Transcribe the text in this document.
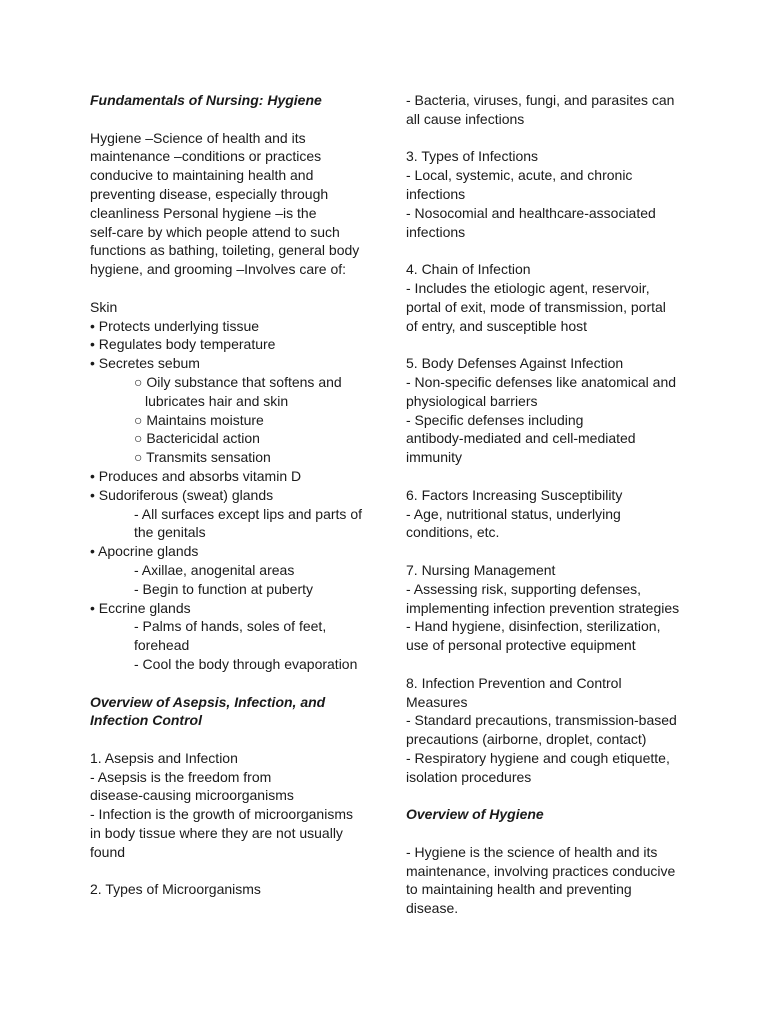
Fundamentals of Nursing: Hygiene
Hygiene –Science of health and its
maintenance –conditions or practices
conducive to maintaining health and
preventing disease, especially through
cleanliness Personal hygiene –is the
self-care by which people attend to such
functions as bathing, toileting, general body
hygiene, and grooming –Involves care of:
Skin
• Protects underlying tissue
• Regulates body temperature
• Secretes sebum
○ Oily substance that softens and
lubricates hair and skin
○ Maintains moisture
○ Bactericidal action
○ Transmits sensation
• Produces and absorbs vitamin D
• Sudoriferous (sweat) glands
- All surfaces except lips and parts of
the genitals
• Apocrine glands
- Axillae, anogenital areas
- Begin to function at puberty
• Eccrine glands
- Palms of hands, soles of feet,
forehead
- Cool the body through evaporation
Overview of Asepsis, Infection, and
Infection Control
1. Asepsis and Infection
- Asepsis is the freedom from
disease-causing microorganisms
- Infection is the growth of microorganisms
in body tissue where they are not usually
found
2. Types of Microorganisms
- Bacteria, viruses, fungi, and parasites can
all cause infections
3. Types of Infections
- Local, systemic, acute, and chronic
infections
- Nosocomial and healthcare-associated
infections
4. Chain of Infection
- Includes the etiologic agent, reservoir,
portal of exit, mode of transmission, portal
of entry, and susceptible host
5. Body Defenses Against Infection
- Non-specific defenses like anatomical and
physiological barriers
- Specific defenses including
antibody-mediated and cell-mediated
immunity
6. Factors Increasing Susceptibility
- Age, nutritional status, underlying
conditions, etc.
7. Nursing Management
- Assessing risk, supporting defenses,
implementing infection prevention strategies
- Hand hygiene, disinfection, sterilization,
use of personal protective equipment
8. Infection Prevention and Control
Measures
- Standard precautions, transmission-based
precautions (airborne, droplet, contact)
- Respiratory hygiene and cough etiquette,
isolation procedures
Overview of Hygiene
- Hygiene is the science of health and its
maintenance, involving practices conducive
to maintaining health and preventing
disease.
